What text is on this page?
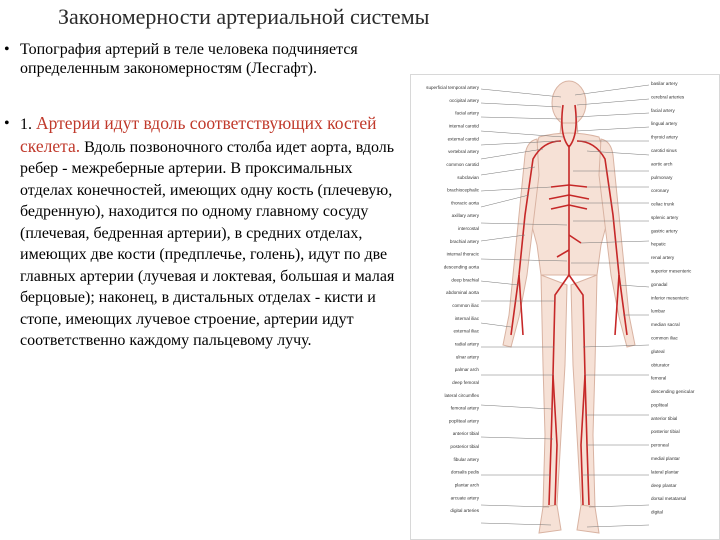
Закономерности артериальной системы
• Топография артерий в теле человека подчиняется определенным закономерностям (Лесгафт).
• 1. Артерии идут вдоль соответствующих костей скелета. Вдоль позвоночного столба идет аорта, вдоль ребер - межреберные артерии. В проксимальных отделах конечностей, имеющих одну кость (плечевую, бедренную), находится по одному главному сосуду (плечевая, бедренная артерии), в средних отделах, имеющих две кости (предплечье, голень), идут по две главных артерии (лучевая и локтевая, большая и малая берцовые); наконец, в дистальных отделах - кисти и стопе, имеющих лучевое строение, артерии идут соответственно каждому пальцевому лучу.
superficial temporal artery
occipital artery
facial artery
internal carotid
external carotid
vertebral artery
common carotid
subclavian
brachiocephalic
thoracic aorta
axillary artery
intercostal
brachial artery
internal thoracic
descending aorta
deep brachial
abdominal aorta
common iliac
internal iliac
external iliac
radial artery
ulnar artery
palmar arch
deep femoral
lateral circumflex
femoral artery
popliteal artery
anterior tibial
posterior tibial
fibular artery
dorsalis pedis
plantar arch
arcuate artery
digital arteries
basilar artery
cerebral arteries
facial artery
lingual artery
thyroid artery
carotid sinus
aortic arch
pulmonary
coronary
celiac trunk
splenic artery
gastric artery
hepatic
renal artery
superior mesenteric
gonadal
inferior mesenteric
lumbar
median sacral
common iliac
gluteal
obturator
femoral
descending genicular
popliteal
anterior tibial
posterior tibial
peroneal
medial plantar
lateral plantar
deep plantar
dorsal metatarsal
digital
